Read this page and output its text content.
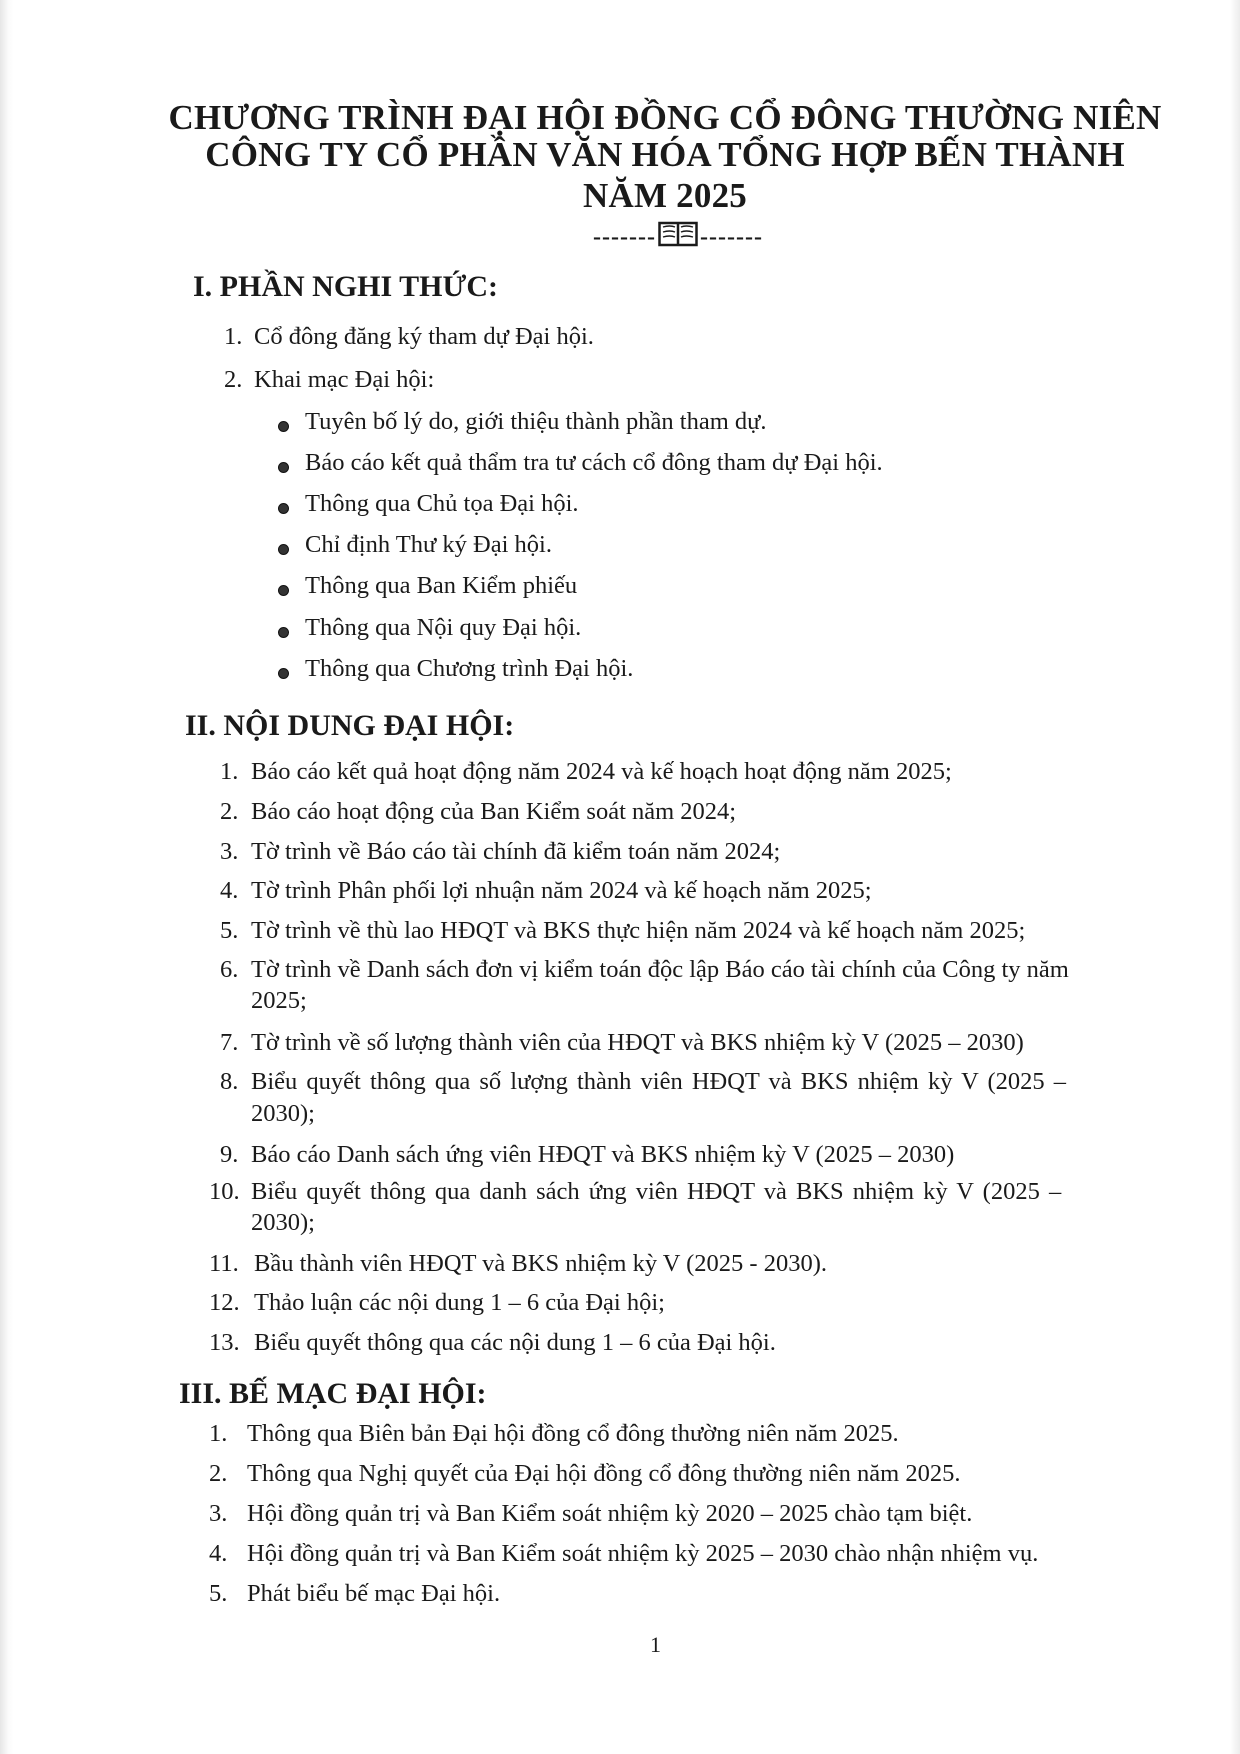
CHƯƠNG TRÌNH ĐẠI HỘI ĐỒNG CỔ ĐÔNG THƯỜNG NIÊN
CÔNG TY CỔ PHẦN VĂN HÓA TỔNG HỢP BẾN THÀNH
NĂM 2025
------- -------
I. PHẦN NGHI THỨC:
1. Cổ đông đăng ký tham dự Đại hội.
2. Khai mạc Đại hội:
Tuyên bố lý do, giới thiệu thành phần tham dự.
Báo cáo kết quả thẩm tra tư cách cổ đông tham dự Đại hội.
Thông qua Chủ tọa Đại hội.
Chỉ định Thư ký Đại hội.
Thông qua Ban Kiểm phiếu
Thông qua Nội quy Đại hội.
Thông qua Chương trình Đại hội.
II. NỘI DUNG ĐẠI HỘI:
1. Báo cáo kết quả hoạt động năm 2024 và kế hoạch hoạt động năm 2025;
2. Báo cáo hoạt động của Ban Kiểm soát năm 2024;
3. Tờ trình về Báo cáo tài chính đã kiểm toán năm 2024;
4. Tờ trình Phân phối lợi nhuận năm 2024 và kế hoạch năm 2025;
5. Tờ trình về thù lao HĐQT và BKS thực hiện năm 2024 và kế hoạch năm 2025;
6. Tờ trình về Danh sách đơn vị kiểm toán độc lập Báo cáo tài chính của Công ty năm
2025;
7. Tờ trình về số lượng thành viên của HĐQT và BKS nhiệm kỳ V (2025 – 2030)
8. Biểu quyết thông qua số lượng thành viên HĐQT và BKS nhiệm kỳ V (2025 –
2030);
9. Báo cáo Danh sách ứng viên HĐQT và BKS nhiệm kỳ V (2025 – 2030)
10. Biểu quyết thông qua danh sách ứng viên HĐQT và BKS nhiệm kỳ V (2025 –
2030);
11. Bầu thành viên HĐQT và BKS nhiệm kỳ V (2025 - 2030).
12. Thảo luận các nội dung 1 – 6 của Đại hội;
13. Biểu quyết thông qua các nội dung 1 – 6 của Đại hội.
III. BẾ MẠC ĐẠI HỘI:
1. Thông qua Biên bản Đại hội đồng cổ đông thường niên năm 2025.
2. Thông qua Nghị quyết của Đại hội đồng cổ đông thường niên năm 2025.
3. Hội đồng quản trị và Ban Kiểm soát nhiệm kỳ 2020 – 2025 chào tạm biệt.
4. Hội đồng quản trị và Ban Kiểm soát nhiệm kỳ 2025 – 2030 chào nhận nhiệm vụ.
5. Phát biểu bế mạc Đại hội.
1
